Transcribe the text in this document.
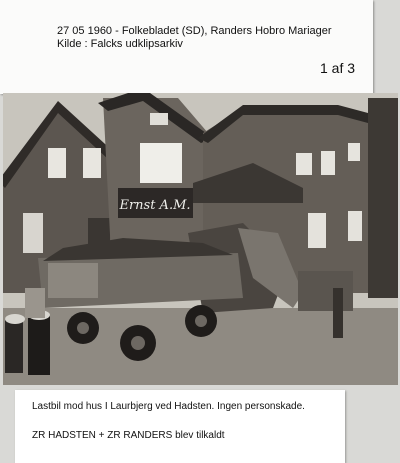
27 05 1960 - Folkebladet (SD), Randers Hobro Mariager
Kilde : Falcks udklipsarkiv
1 af 3
Ernst A.M.
Lastbil mod hus I Laurbjerg ved Hadsten. Ingen personskade.
ZR HADSTEN + ZR RANDERS blev tilkaldt
